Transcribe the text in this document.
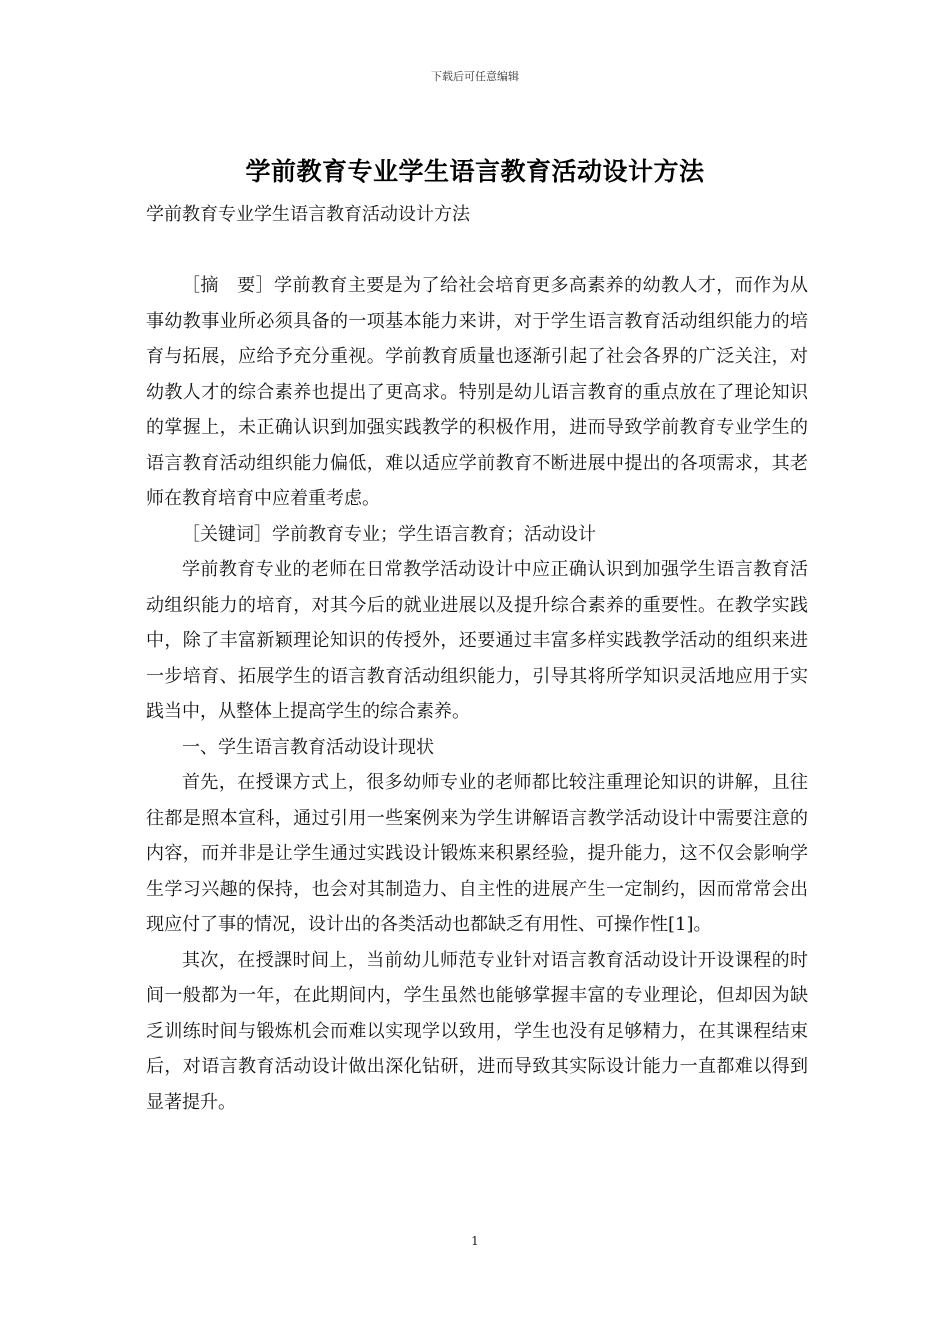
下载后可任意编辑
学前教育专业学生语言教育活动设计方法
学前教育专业学生语言教育活动设计方法

［摘　要］学前教育主要是为了给社会培育更多高素养的幼教人才，而作为从事幼教事业所必须具备的一项基本能力来讲，对于学生语言教育活动组织能力的培育与拓展，应给予充分重视。学前教育质量也逐渐引起了社会各界的广泛关注，对幼教人才的综合素养也提出了更高求。特别是幼儿语言教育的重点放在了理论知识的掌握上，未正确认识到加强实践教学的积极作用，进而导致学前教育专业学生的语言教育活动组织能力偏低，难以适应学前教育不断进展中提出的各项需求，其老师在教育培育中应着重考虑。

［关键词］学前教育专业；学生语言教育；活动设计

学前教育专业的老师在日常教学活动设计中应正确认识到加强学生语言教育活动组织能力的培育，对其今后的就业进展以及提升综合素养的重要性。在教学实践中，除了丰富新颖理论知识的传授外，还要通过丰富多样实践教学活动的组织来进一步培育、拓展学生的语言教育活动组织能力，引导其将所学知识灵活地应用于实践当中，从整体上提高学生的综合素养。

一、学生语言教育活动设计现状

首先，在授课方式上，很多幼师专业的老师都比较注重理论知识的讲解，且往往都是照本宣科，通过引用一些案例来为学生讲解语言教学活动设计中需要注意的内容，而并非是让学生通过实践设计锻炼来积累经验，提升能力，这不仅会影响学生学习兴趣的保持，也会对其制造力、自主性的进展产生一定制约，因而常常会出现应付了事的情况，设计出的各类活动也都缺乏有用性、可操作性[1]。

其次，在授課时间上，当前幼儿师范专业针对语言教育活动设计开设课程的时间一般都为一年，在此期间内，学生虽然也能够掌握丰富的专业理论，但却因为缺乏训练时间与锻炼机会而难以实现学以致用，学生也没有足够精力，在其课程结束后，对语言教育活动设计做出深化钻研，进而导致其实际设计能力一直都难以得到显著提升。

1
